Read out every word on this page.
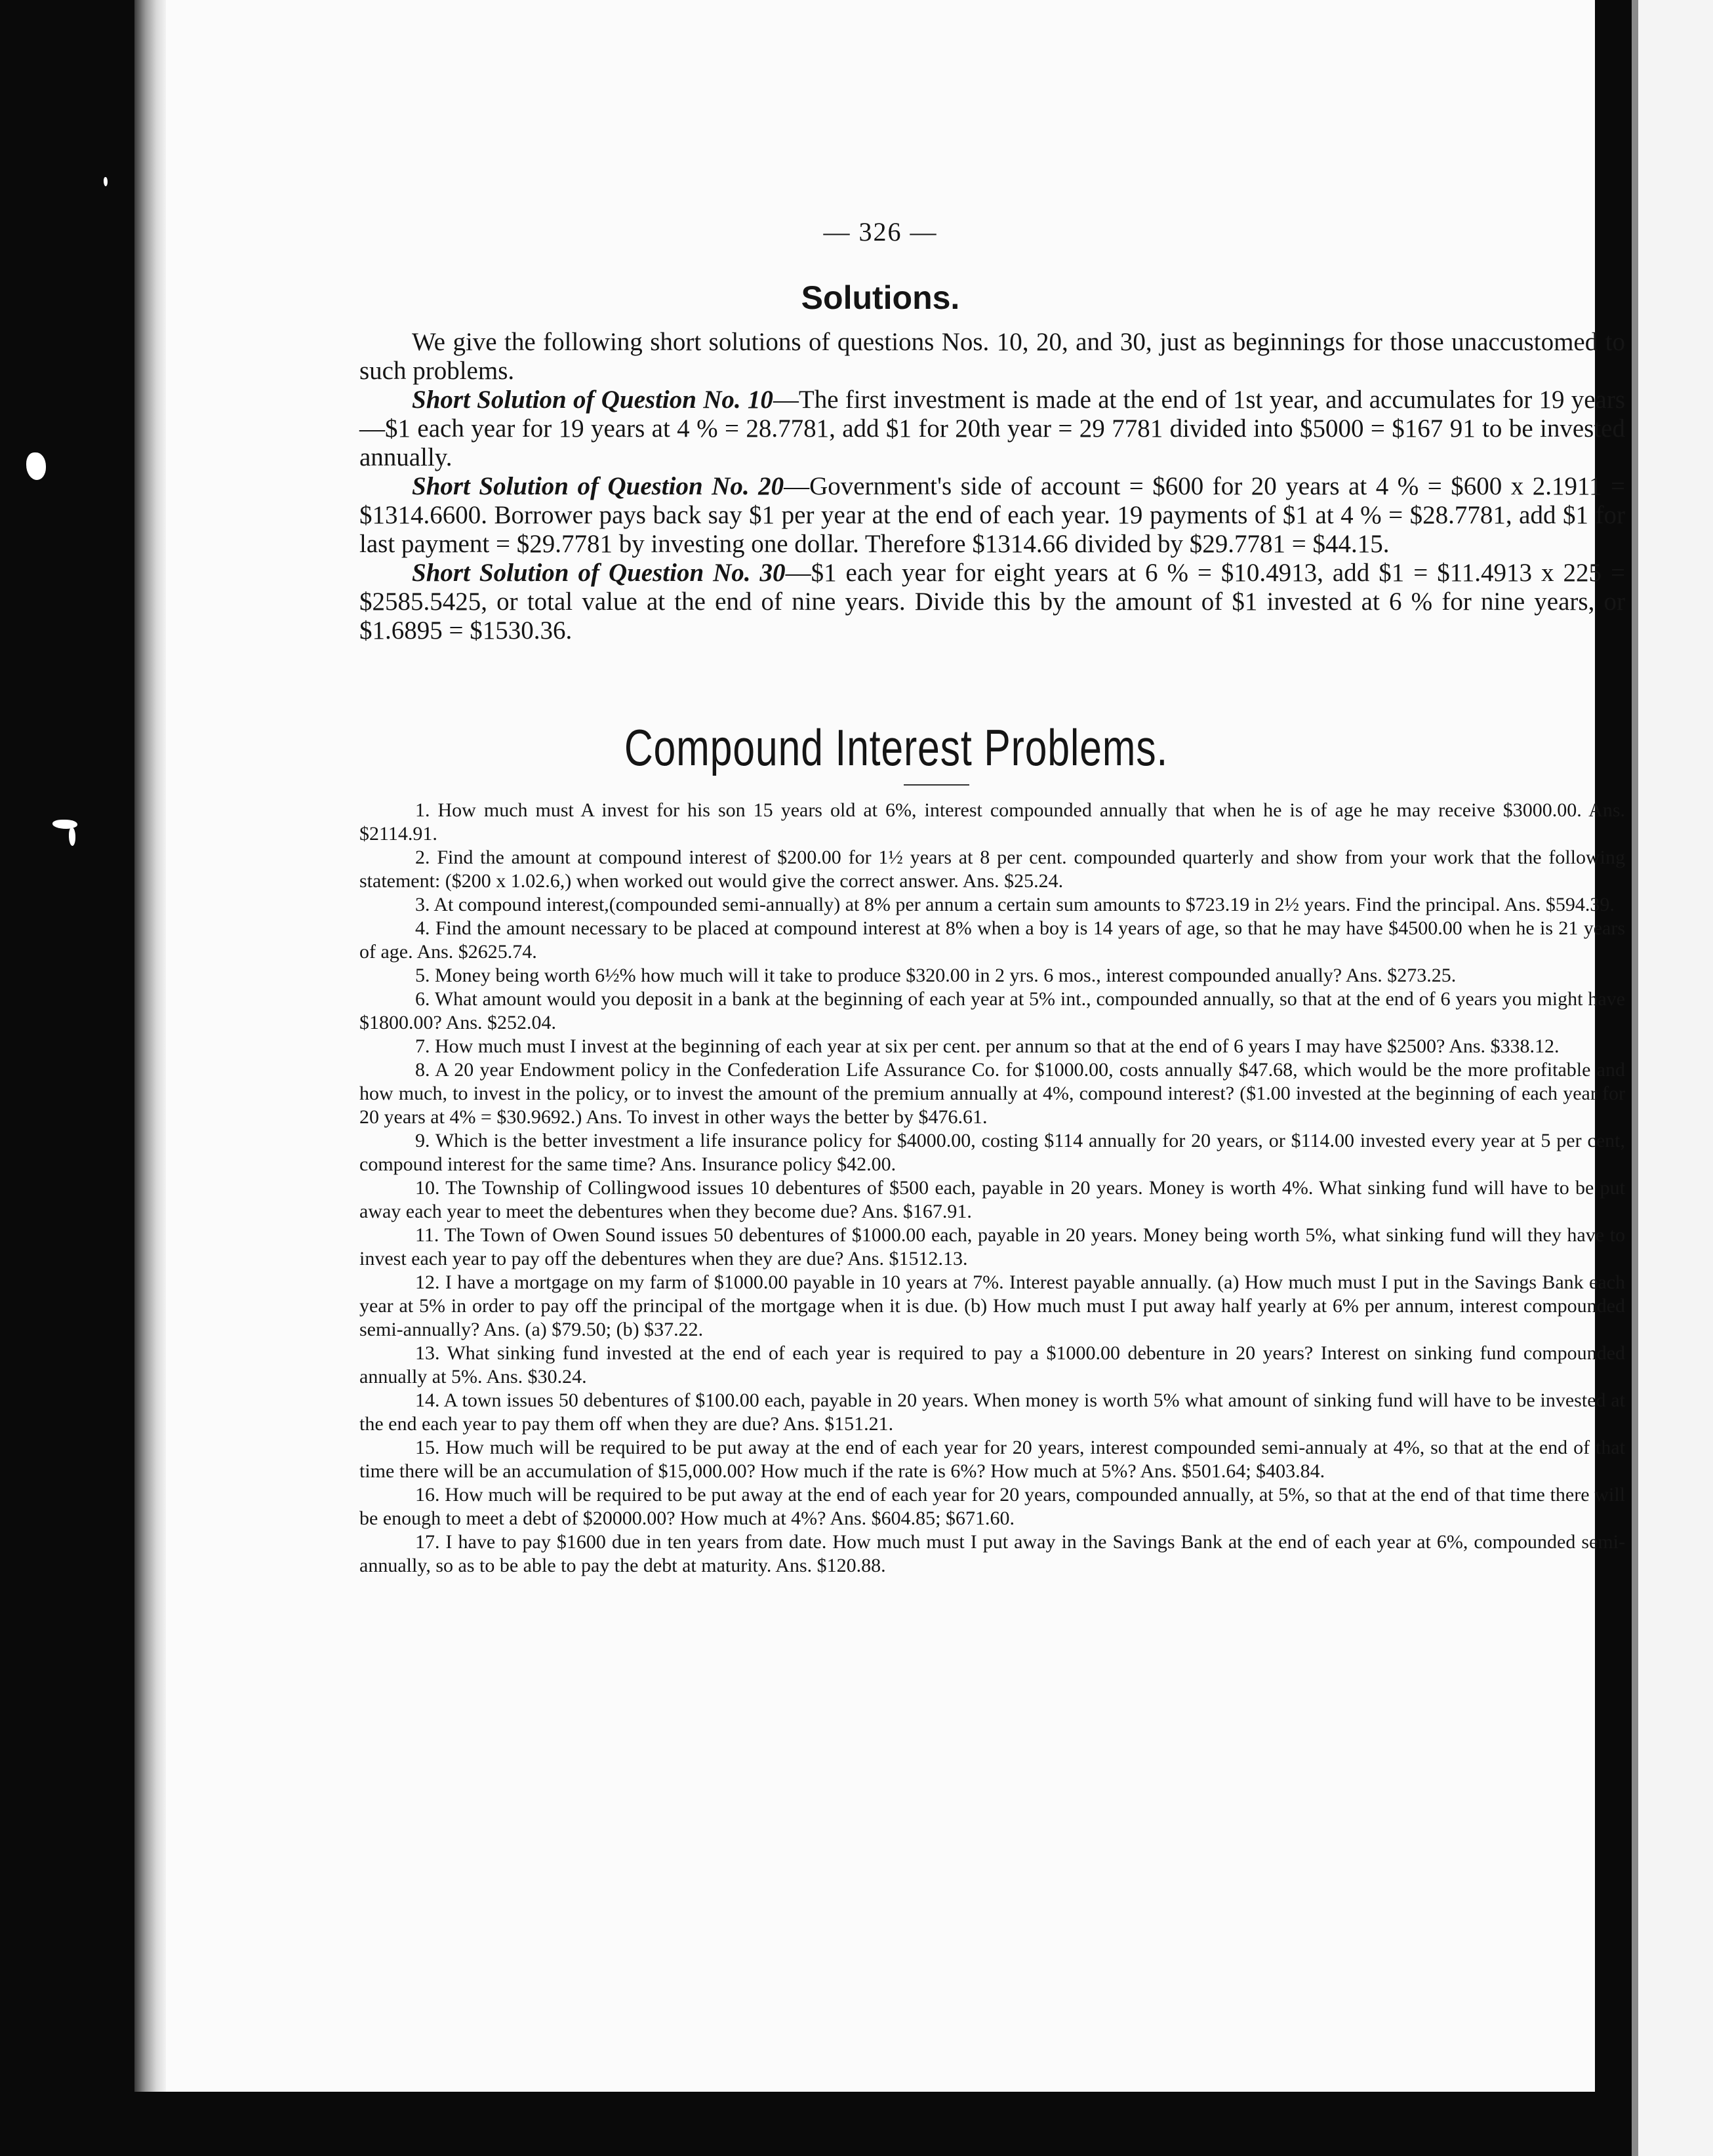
— 326 —
Solutions.

We give the following short solutions of questions Nos. 10, 20, and 30, just as beginnings for those unaccustomed to such problems.

Short Solution of Question No. 10—The first investment is made at the end of 1st year, and accumulates for 19 years —$1 each year for 19 years at 4 % = 28.7781, add $1 for 20th year = 29 7781 divided into $5000 = $167 91 to be invested annually.

Short Solution of Question No. 20—Government's side of account = $600 for 20 years at 4 % = $600 x 2.1911 = $1314.6600. Borrower pays back say $1 per year at the end of each year. 19 payments of $1 at 4 % = $28.7781, add $1 for last payment = $29.7781 by investing one dollar. Therefore $1314.66 divided by $29.7781 = $44.15.

Short Solution of Question No. 30—$1 each year for eight years at 6 % = $10.4913, add $1 = $11.4913 x 225 = $2585.5425, or total value at the end of nine years. Divide this by the amount of $1 invested at 6 % for nine years, or $1.6895 = $1530.36.

Compound Interest Problems.

1. How much must A invest for his son 15 years old at 6%, interest compounded annually that when he is of age he may receive $3000.00. Ans. $2114.91.

2. Find the amount at compound interest of $200.00 for 1½ years at 8 per cent. compounded quarterly and show from your work that the following statement: ($200 x 1.02.6,) when worked out would give the correct answer. Ans. $25.24.

3. At compound interest,(compounded semi-annually) at 8% per annum a certain sum amounts to $723.19 in 2½ years. Find the principal. Ans. $594.39.

4. Find the amount necessary to be placed at compound interest at 8% when a boy is 14 years of age, so that he may have $4500.00 when he is 21 years of age. Ans. $2625.74.

5. Money being worth 6½% how much will it take to produce $320.00 in 2 yrs. 6 mos., interest compounded anually? Ans. $273.25.

6. What amount would you deposit in a bank at the beginning of each year at 5% int., compounded annually, so that at the end of 6 years you might have $1800.00? Ans. $252.04.

7. How much must I invest at the beginning of each year at six per cent. per annum so that at the end of 6 years I may have $2500? Ans. $338.12.

8. A 20 year Endowment policy in the Confederation Life Assurance Co. for $1000.00, costs annually $47.68, which would be the more profitable and how much, to invest in the policy, or to invest the amount of the premium annually at 4%, compound interest? ($1.00 invested at the beginning of each year for 20 years at 4% = $30.9692.) Ans. To invest in other ways the better by $476.61.

9. Which is the better investment a life insurance policy for $4000.00, costing $114 annually for 20 years, or $114.00 invested every year at 5 per cent, compound interest for the same time? Ans. Insurance policy $42.00.

10. The Township of Collingwood issues 10 debentures of $500 each, payable in 20 years. Money is worth 4%. What sinking fund will have to be put away each year to meet the debentures when they become due? Ans. $167.91.

11. The Town of Owen Sound issues 50 debentures of $1000.00 each, payable in 20 years. Money being worth 5%, what sinking fund will they have to invest each year to pay off the debentures when they are due? Ans. $1512.13.

12. I have a mortgage on my farm of $1000.00 payable in 10 years at 7%. Interest payable annually. (a) How much must I put in the Savings Bank each year at 5% in order to pay off the principal of the mortgage when it is due. (b) How much must I put away half yearly at 6% per annum, interest compounded semi-annually? Ans. (a) $79.50; (b) $37.22.

13. What sinking fund invested at the end of each year is required to pay a $1000.00 debenture in 20 years? Interest on sinking fund compounded annually at 5%. Ans. $30.24.

14. A town issues 50 debentures of $100.00 each, payable in 20 years. When money is worth 5% what amount of sinking fund will have to be invested at the end each year to pay them off when they are due? Ans. $151.21.

15. How much will be required to be put away at the end of each year for 20 years, interest compounded semi-annualy at 4%, so that at the end of that time there will be an accumulation of $15,000.00? How much if the rate is 6%? How much at 5%? Ans. $501.64; $403.84.

16. How much will be required to be put away at the end of each year for 20 years, compounded annually, at 5%, so that at the end of that time there will be enough to meet a debt of $20000.00? How much at 4%? Ans. $604.85; $671.60.

17. I have to pay $1600 due in ten years from date. How much must I put away in the Savings Bank at the end of each year at 6%, compounded semi-annually, so as to be able to pay the debt at maturity. Ans. $120.88.
